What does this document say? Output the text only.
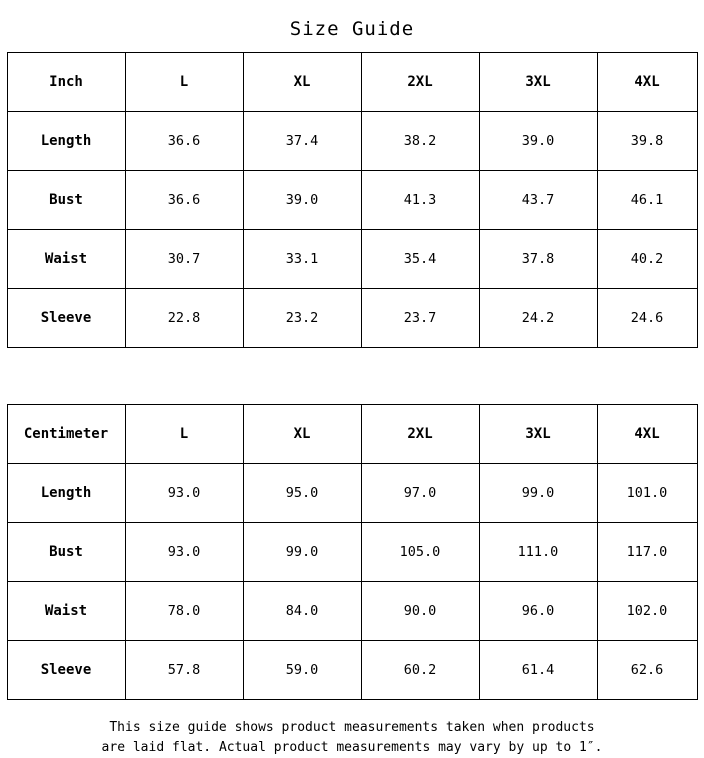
Size Guide
Inch	L	XL	2XL	3XL	4XL
Length	36.6	37.4	38.2	39.0	39.8
Bust	36.6	39.0	41.3	43.7	46.1
Waist	30.7	33.1	35.4	37.8	40.2
Sleeve	22.8	23.2	23.7	24.2	24.6
Centimeter	L	XL	2XL	3XL	4XL
Length	93.0	95.0	97.0	99.0	101.0
Bust	93.0	99.0	105.0	111.0	117.0
Waist	78.0	84.0	90.0	96.0	102.0
Sleeve	57.8	59.0	60.2	61.4	62.6
This size guide shows product measurements taken when products
are laid flat. Actual product measurements may vary by up to 1″.
